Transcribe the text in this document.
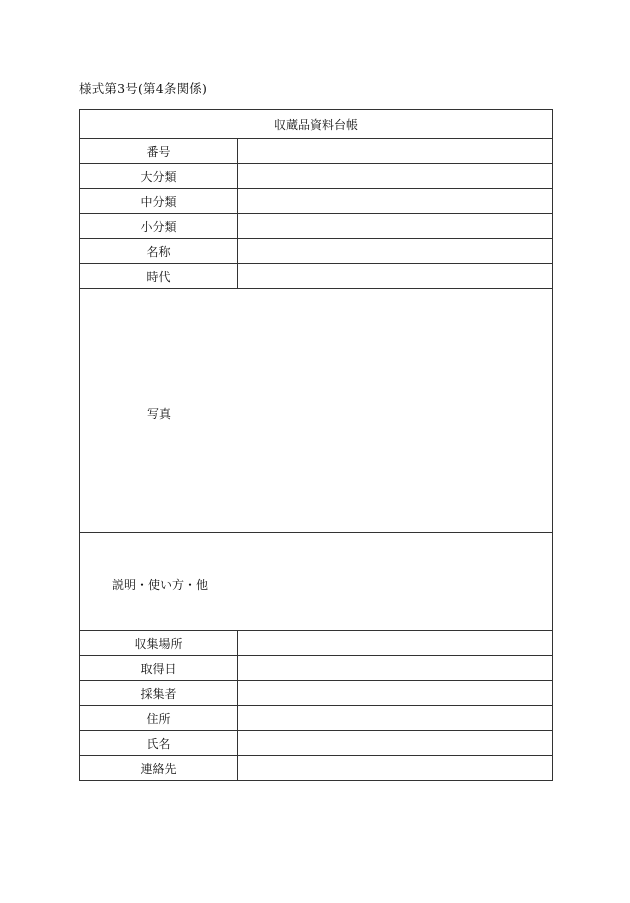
様式第3号(第4条関係)
収蔵品資料台帳	
番号	
大分類	
中分類	
小分類	
名称	
時代	

写真	

説明・使い方・他	

収集場所	
取得日	
採集者	
住所	
氏名	
連絡先	
